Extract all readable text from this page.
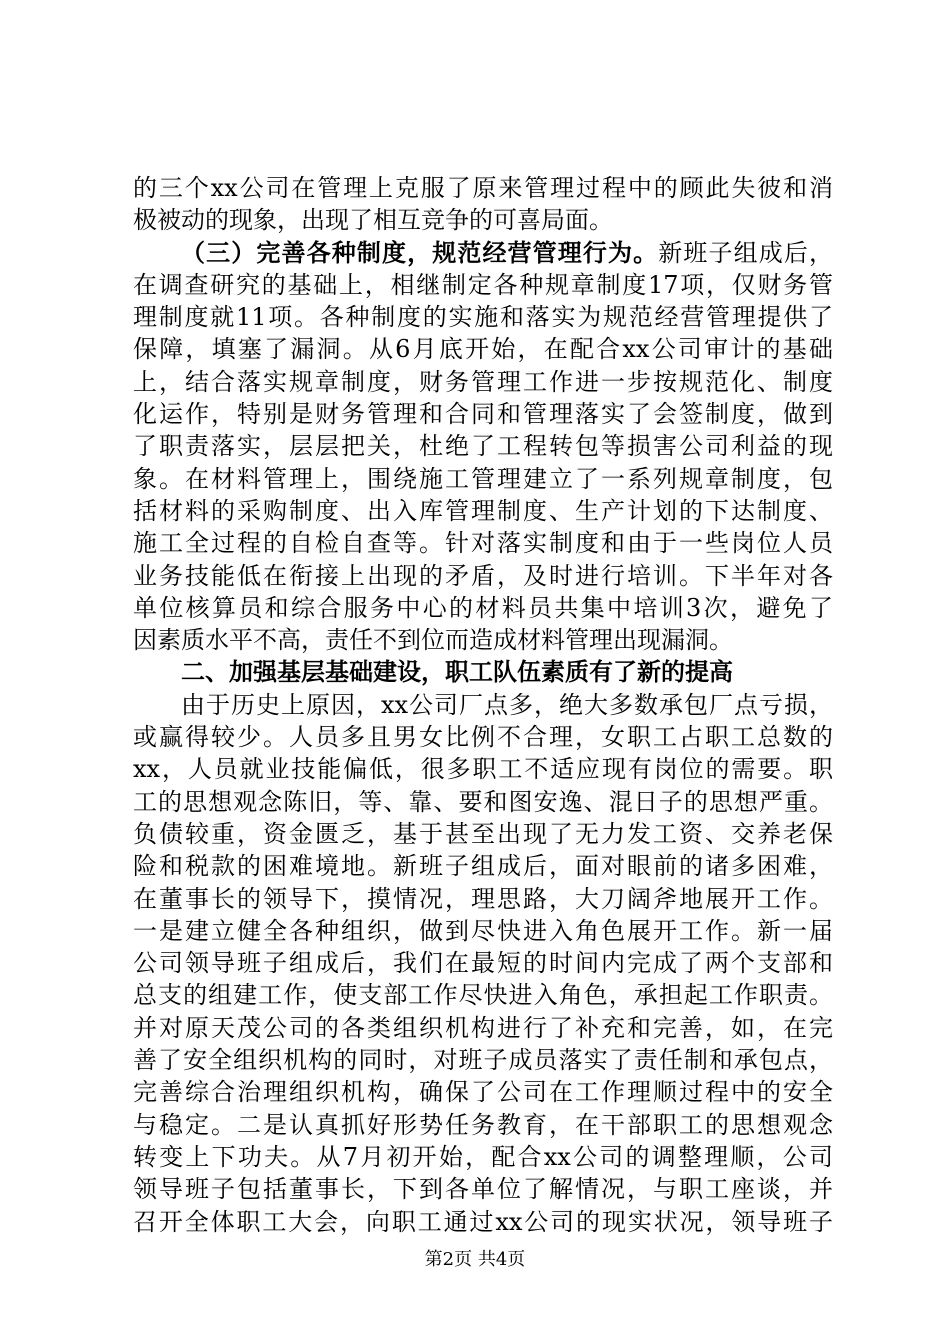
的三个xx公司在管理上克服了原来管理过程中的顾此失彼和消
极被动的现象，出现了相互竞争的可喜局面。
（三）完善各种制度，规范经营管理行为。新班子组成后，
在调查研究的基础上，相继制定各种规章制度17项，仅财务管
理制度就11项。各种制度的实施和落实为规范经营管理提供了
保障，填塞了漏洞。从6月底开始，在配合xx公司审计的基础
上，结合落实规章制度，财务管理工作进一步按规范化、制度
化运作，特别是财务管理和合同和管理落实了会签制度，做到
了职责落实，层层把关，杜绝了工程转包等损害公司利益的现
象。在材料管理上，围绕施工管理建立了一系列规章制度，包
括材料的采购制度、出入库管理制度、生产计划的下达制度、
施工全过程的自检自查等。针对落实制度和由于一些岗位人员
业务技能低在衔接上出现的矛盾，及时进行培训。下半年对各
单位核算员和综合服务中心的材料员共集中培训3次，避免了
因素质水平不高，责任不到位而造成材料管理出现漏洞。
二、加强基层基础建设，职工队伍素质有了新的提高
由于历史上原因，xx公司厂点多，绝大多数承包厂点亏损，
或赢得较少。人员多且男女比例不合理，女职工占职工总数的
xx，人员就业技能偏低，很多职工不适应现有岗位的需要。职
工的思想观念陈旧，等、靠、要和图安逸、混日子的思想严重。
负债较重，资金匮乏，基于甚至出现了无力发工资、交养老保
险和税款的困难境地。新班子组成后，面对眼前的诸多困难，
在董事长的领导下，摸情况，理思路，大刀阔斧地展开工作。
一是建立健全各种组织，做到尽快进入角色展开工作。新一届
公司领导班子组成后，我们在最短的时间内完成了两个支部和
总支的组建工作，使支部工作尽快进入角色，承担起工作职责。
并对原天茂公司的各类组织机构进行了补充和完善，如，在完
善了安全组织机构的同时，对班子成员落实了责任制和承包点，
完善综合治理组织机构，确保了公司在工作理顺过程中的安全
与稳定。二是认真抓好形势任务教育，在干部职工的思想观念
转变上下功夫。从7月初开始，配合xx公司的调整理顺，公司
领导班子包括董事长，下到各单位了解情况，与职工座谈，并
召开全体职工大会，向职工通过xx公司的现实状况，领导班子
第2页 共4页
